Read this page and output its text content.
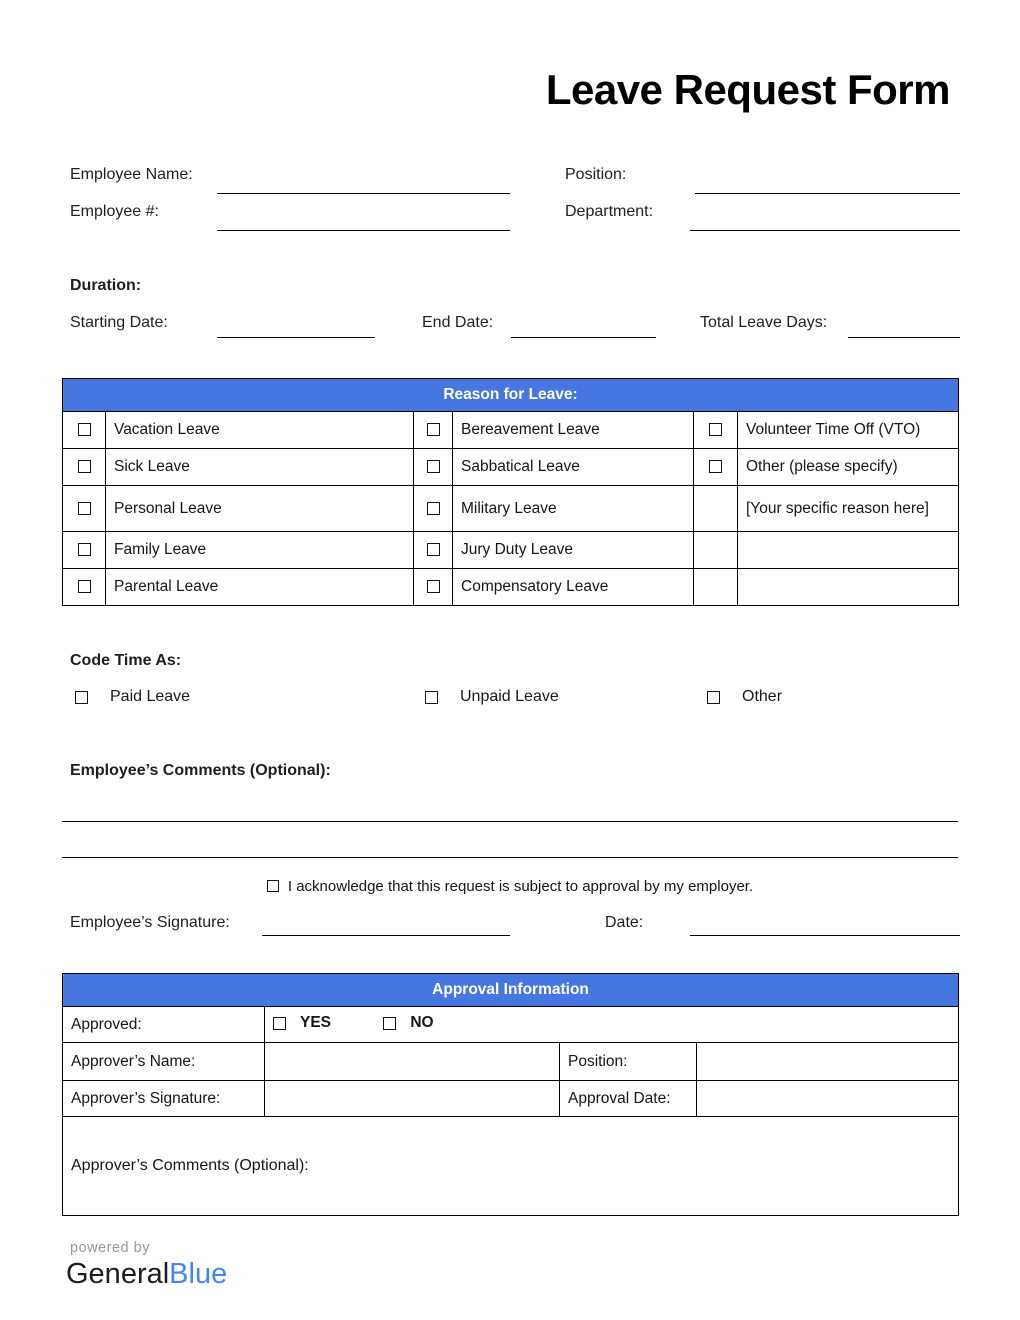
Leave Request Form
Employee Name:	Position:
Employee #:	Department:
Duration:
Starting Date:	End Date:	Total Leave Days:
Reason for Leave:					
	Vacation Leave		Bereavement Leave		Volunteer Time Off (VTO)
	Sick Leave		Sabbatical Leave		Other (please specify)
	Personal Leave		Military Leave		[Your specific reason here]
	Family Leave		Jury Duty Leave		
	Parental Leave		Compensatory Leave		
Code Time As:
Paid Leave	Unpaid Leave	Other
Employee’s Comments (Optional):
I acknowledge that this request is subject to approval by my employer.
Employee’s Signature:	Date:
Approval Information			
Approved:	YES
NO		

Approver’s Name:		Position:	
Approver’s Signature:		Approval Date:	
Approver’s Comments (Optional):			
powered by
GeneralBlue
